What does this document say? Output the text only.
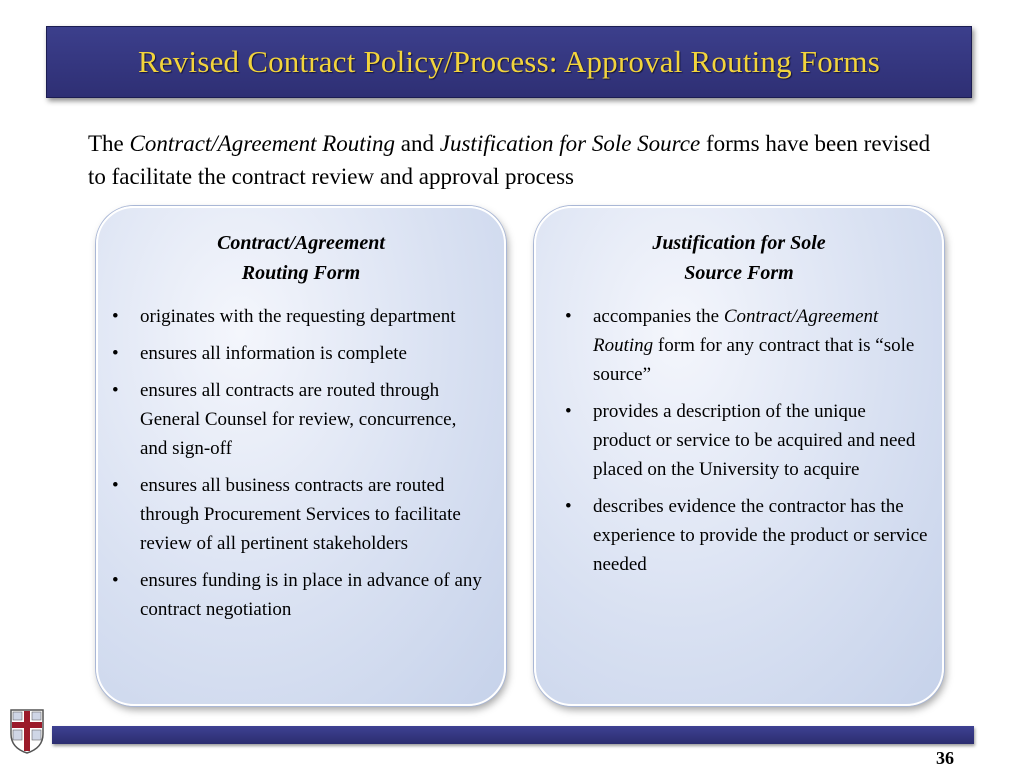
Revised Contract Policy/Process: Approval Routing Forms
The Contract/Agreement Routing and Justification for Sole Source forms have been revised to facilitate the contract review and approval process
Contract/Agreement
Routing Form
• originates with the requesting department
• ensures all information is complete
• ensures all contracts are routed through General Counsel for review, concurrence, and sign-off
• ensures all business contracts are routed through Procurement Services to facilitate review of all pertinent stakeholders
• ensures funding is in place in advance of any contract negotiation
Justification for Sole
Source Form
• accompanies the Contract/Agreement Routing form for any contract that is “sole source”
• provides a description of the unique product or service to be acquired and need placed on the University to acquire
• describes evidence the contractor has the experience to provide the product or service needed
36
